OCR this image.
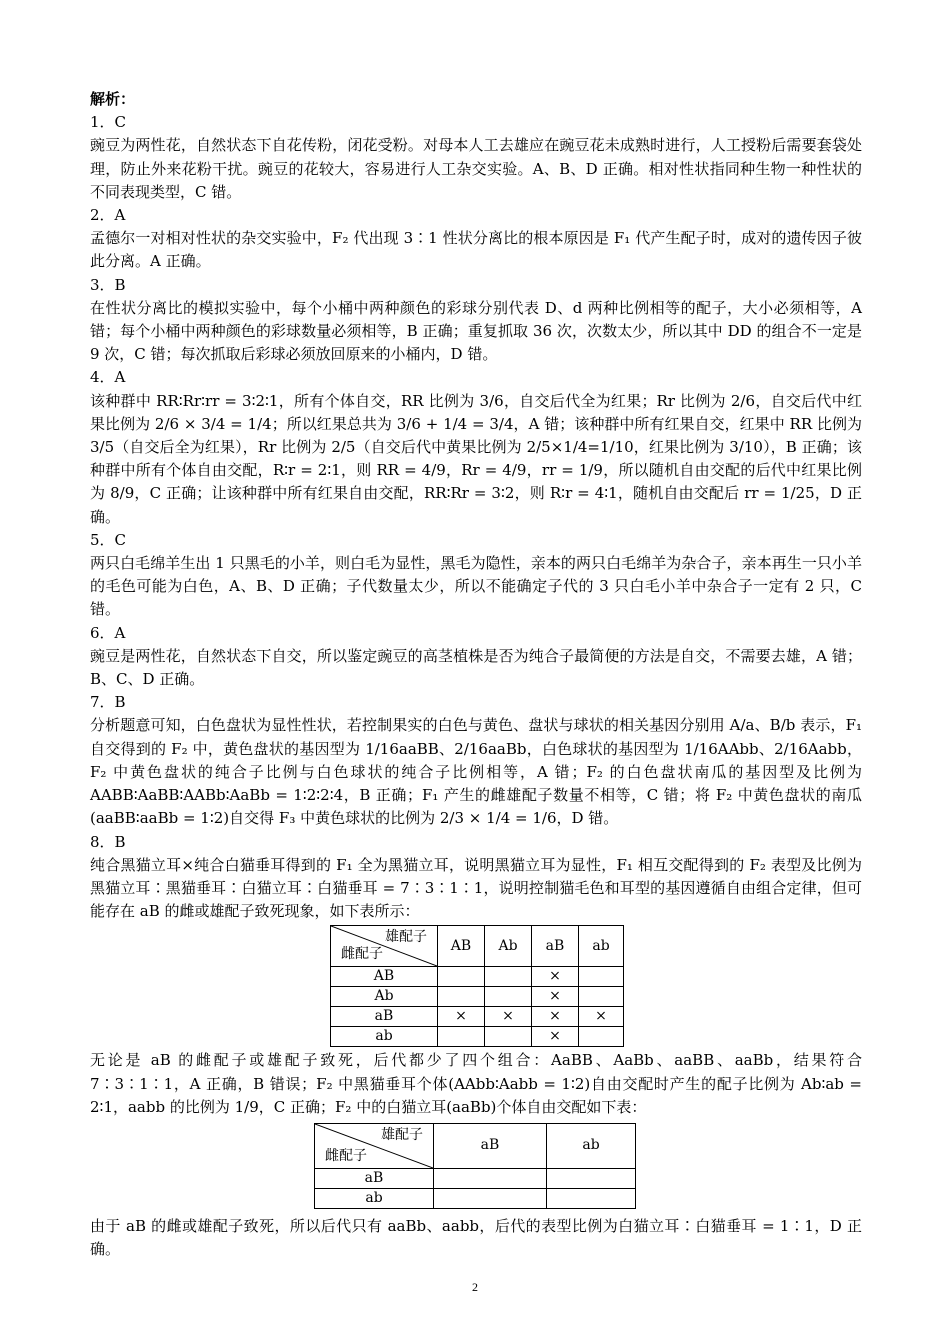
解析：
1．C
豌豆为两性花，自然状态下自花传粉，闭花受粉。对母本人工去雄应在豌豆花未成熟时进行，人工授粉后需要套袋处理，防止外来花粉干扰。豌豆的花较大，容易进行人工杂交实验。A、B、D 正确。相对性状指同种生物一种性状的不同表现类型，C 错。
2．A
孟德尔一对相对性状的杂交实验中，F₂ 代出现 3∶1 性状分离比的根本原因是 F₁ 代产生配子时，成对的遗传因子彼此分离。A 正确。
3．B
在性状分离比的模拟实验中，每个小桶中两种颜色的彩球分别代表 D、d 两种比例相等的配子，大小必须相等，A 错；每个小桶中两种颜色的彩球数量必须相等，B 正确；重复抓取 36 次，次数太少，所以其中 DD 的组合不一定是 9 次，C 错；每次抓取后彩球必须放回原来的小桶内，D 错。
4．A
该种群中 RR∶Rr∶rr = 3∶2∶1，所有个体自交，RR 比例为 3/6，自交后代全为红果；Rr 比例为 2/6，自交后代中红果比例为 2/6 × 3/4 = 1/4；所以红果总共为 3/6 + 1/4 = 3/4，A 错；该种群中所有红果自交，红果中 RR 比例为 3/5（自交后全为红果），Rr 比例为 2/5（自交后代中黄果比例为 2/5×1/4=1/10，红果比例为 3/10），B 正确；该种群中所有个体自由交配，R∶r = 2∶1，则 RR = 4/9，Rr = 4/9，rr = 1/9，所以随机自由交配的后代中红果比例为 8/9，C 正确；让该种群中所有红果自由交配，RR∶Rr = 3∶2，则 R∶r = 4∶1，随机自由交配后 rr = 1/25，D 正确。
5．C
两只白毛绵羊生出 1 只黑毛的小羊，则白毛为显性，黑毛为隐性，亲本的两只白毛绵羊为杂合子，亲本再生一只小羊的毛色可能为白色，A、B、D 正确；子代数量太少，所以不能确定子代的 3 只白毛小羊中杂合子一定有 2 只，C 错。
6．A
豌豆是两性花，自然状态下自交，所以鉴定豌豆的高茎植株是否为纯合子最简便的方法是自交，不需要去雄，A 错；B、C、D 正确。
7．B
分析题意可知，白色盘状为显性性状，若控制果实的白色与黄色、盘状与球状的相关基因分别用 A/a、B/b 表示，F₁ 自交得到的 F₂ 中，黄色盘状的基因型为 1/16aaBB、2/16aaBb，白色球状的基因型为 1/16AAbb、2/16Aabb，F₂ 中黄色盘状的纯合子比例与白色球状的纯合子比例相等，A 错；F₂ 的白色盘状南瓜的基因型及比例为 AABB∶AaBB∶AABb∶AaBb = 1∶2∶2∶4，B 正确；F₁ 产生的雌雄配子数量不相等，C 错；将 F₂ 中黄色盘状的南瓜(aaBB∶aaBb = 1∶2)自交得 F₃ 中黄色球状的比例为 2/3 × 1/4 = 1/6，D 错。
8．B
纯合黑猫立耳×纯合白猫垂耳得到的 F₁ 全为黑猫立耳，说明黑猫立耳为显性，F₁ 相互交配得到的 F₂ 表型及比例为黑猫立耳∶黑猫垂耳∶白猫立耳∶白猫垂耳 = 7∶3∶1∶1，说明控制猫毛色和耳型的基因遵循自由组合定律，但可能存在 aB 的雌或雄配子致死现象，如下表所示：
雄配子
雌配子	AB	Ab	aB	ab
AB			×	
Ab			×	
aB	×	×	×	×
ab			×	
无论是 aB 的雌配子或雄配子致死，后代都少了四个组合：AaBB、AaBb、aaBB、aaBb，结果符合 7∶3∶1∶1，A 正确，B 错误；F₂ 中黑猫垂耳个体(AAbb∶Aabb = 1∶2)自由交配时产生的配子比例为 Ab∶ab = 2∶1，aabb 的比例为 1/9，C 正确；F₂ 中的白猫立耳(aaBb)个体自由交配如下表：
雄配子
雌配子	aB	ab
aB		
ab		
由于 aB 的雌或雄配子致死，所以后代只有 aaBb、aabb，后代的表型比例为白猫立耳∶白猫垂耳 = 1∶1，D 正确。
2
